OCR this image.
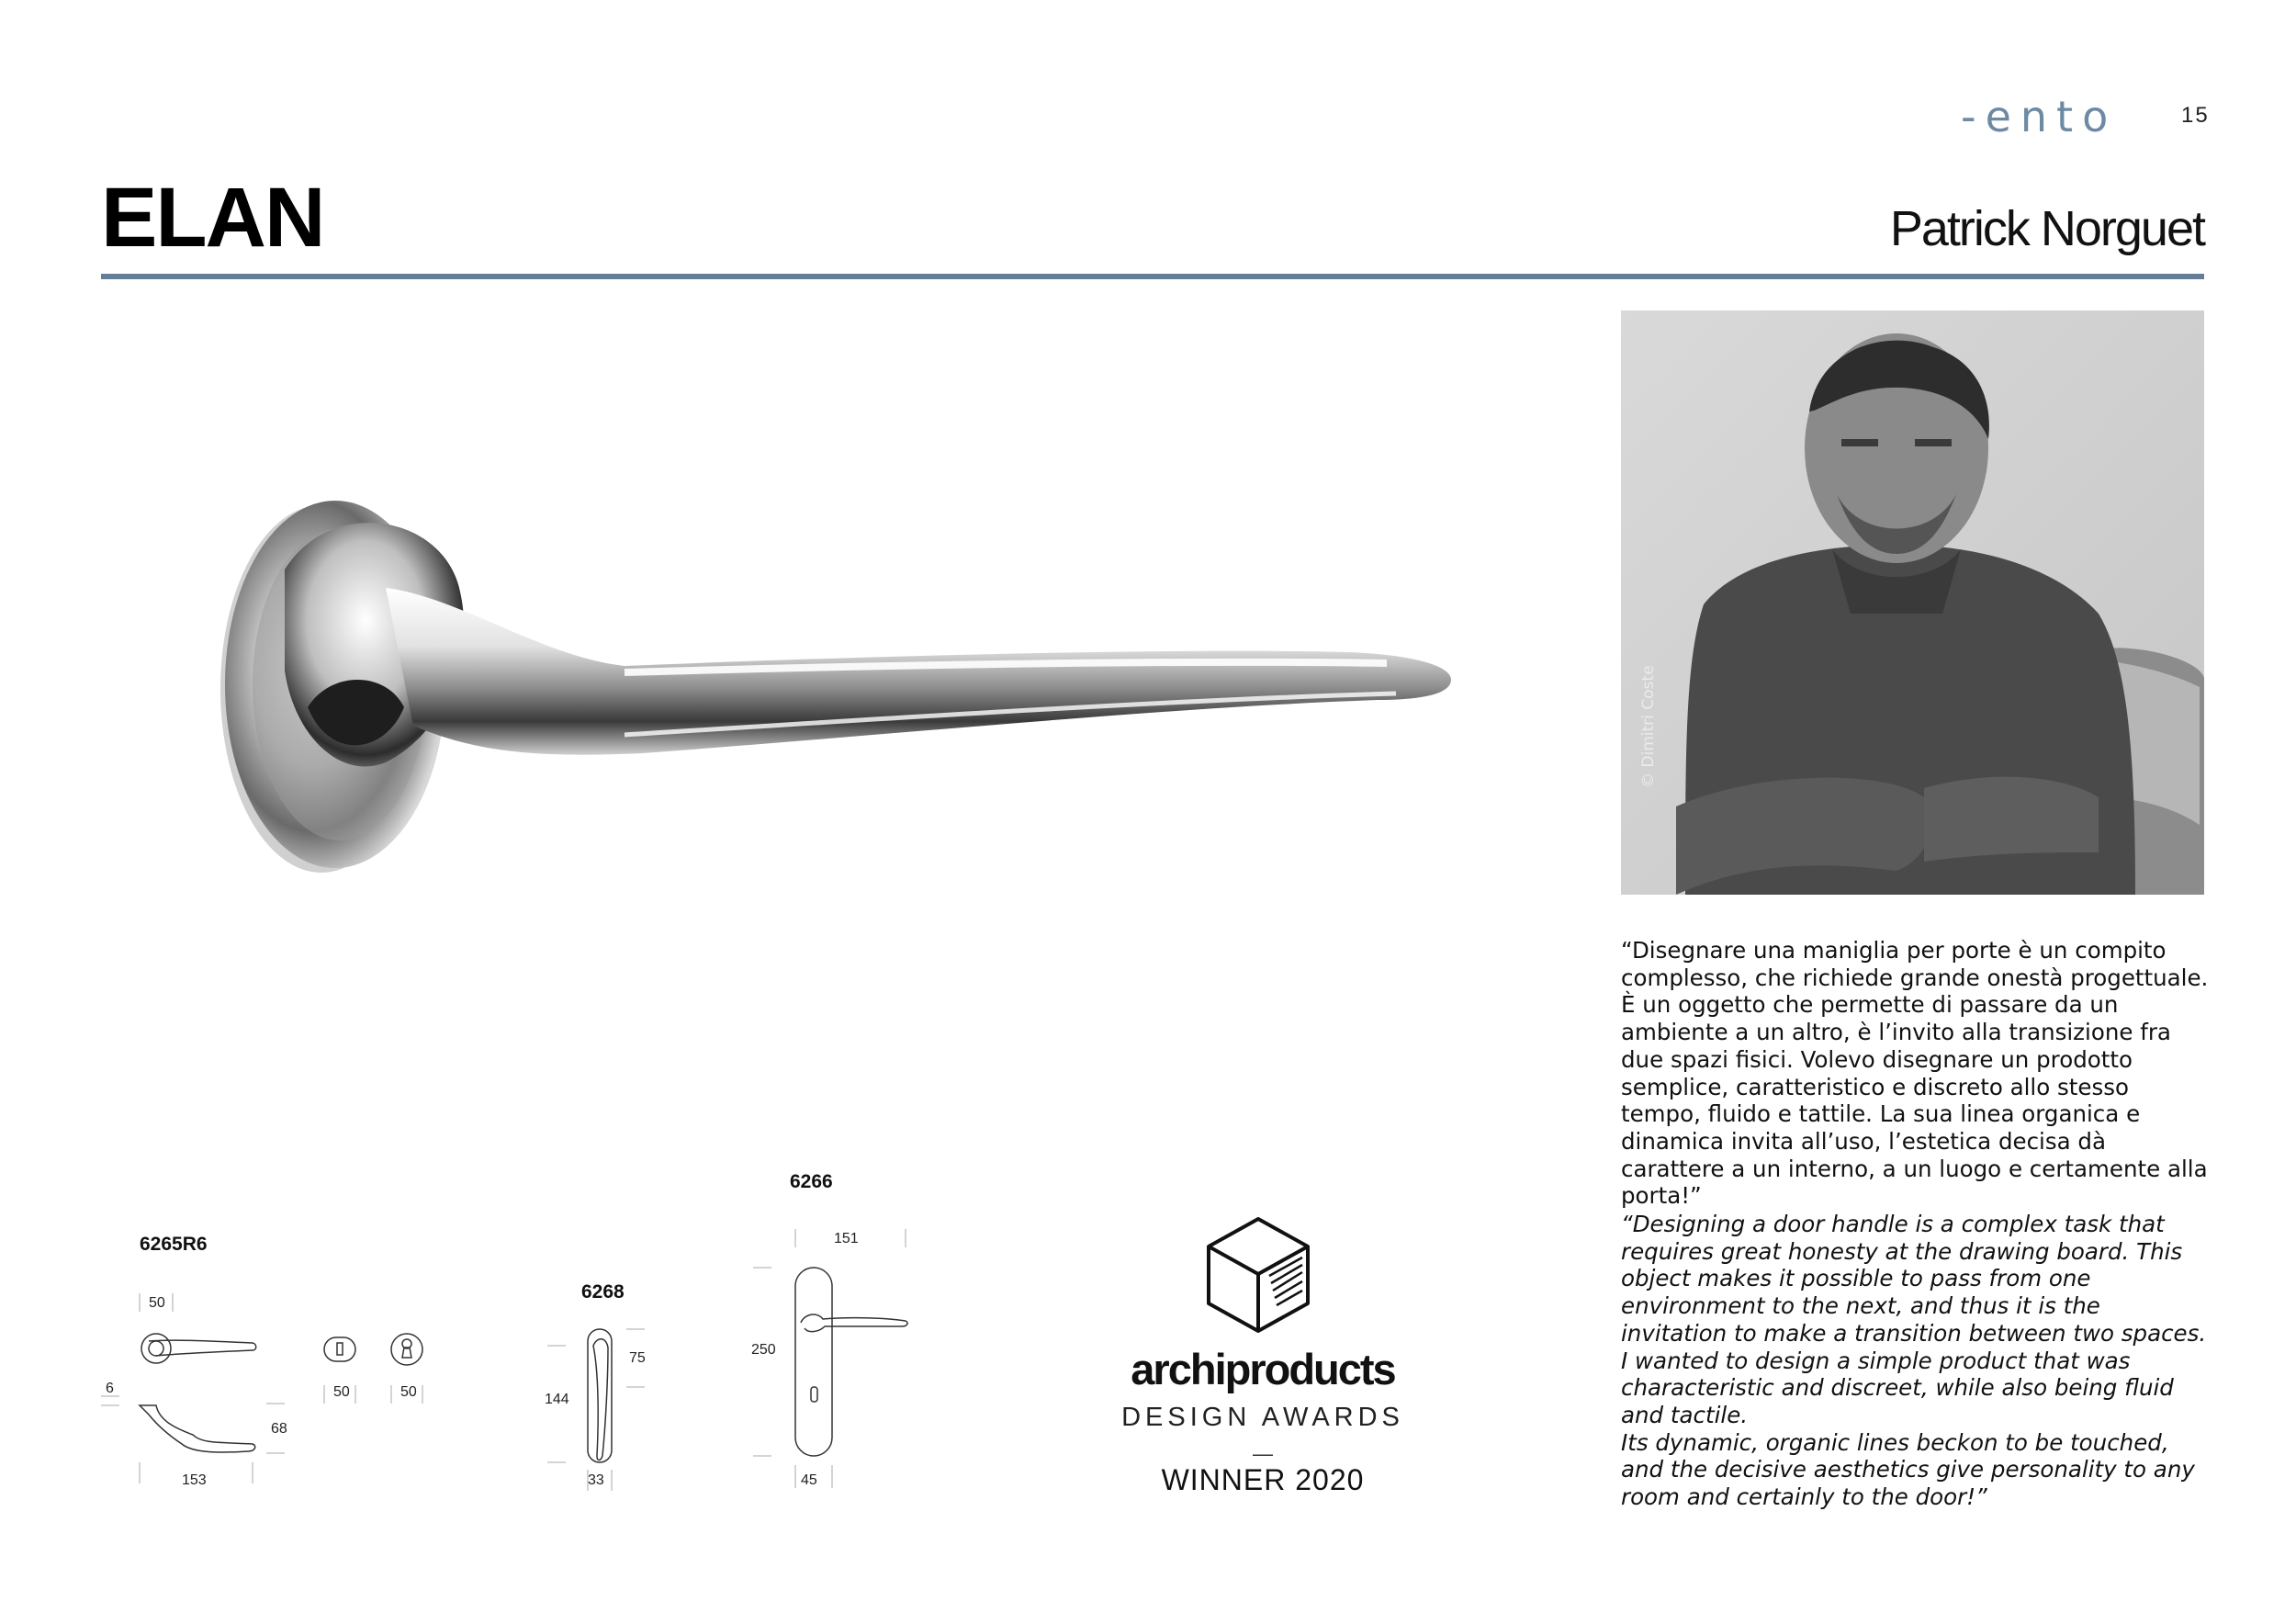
-ento	15
ELAN	Patrick Norguet
© Dimitri Coste
“Disegnare una maniglia per porte è un compito complesso, che richiede grande onestà progettuale. È un oggetto che permette di passare da un ambiente a un altro, è l’invito alla transizione fra due spazi fisici. Volevo disegnare un prodotto semplice, caratteristico e discreto allo stesso tempo, fluido e tattile. La sua linea organica e dinamica invita all’uso, l’estetica decisa dà carattere a un interno, a un luogo e certamente alla porta!”
“Designing a door handle is a complex task that requires great honesty at the drawing board. This object makes it possible to pass from one environment to the next, and thus it is the invitation to make a transition between two spaces. I wanted to design a simple product that was characteristic and discreet, while also being fluid and tactile.
Its dynamic, organic lines beckon to be touched, and the decisive aesthetics give personality to any room and certainly to the door!”
6265R6
6268
6266
50
6
68
153
50	50
75
144
33
151
250
45
archiproducts
DESIGN AWARDS
—
WINNER 2020
